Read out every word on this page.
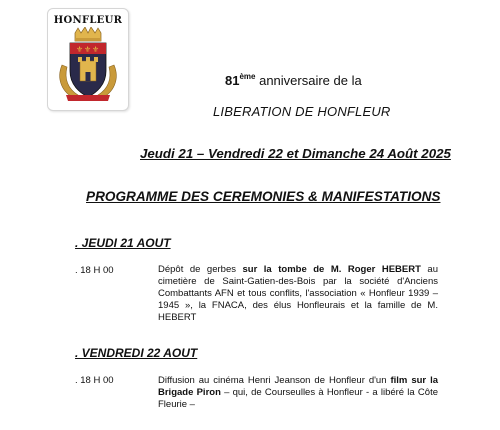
HONFLEUR
⚜ ⚜ ⚜
81ème anniversaire de la
LIBERATION DE HONFLEUR
Jeudi 21 – Vendredi 22 et Dimanche 24 Août 2025
PROGRAMME DES CEREMONIES & MANIFESTATIONS
. JEUDI 21 AOUT
. 18 H 00	Dépôt de gerbes sur la tombe de M. Roger HEBERT au cimetière de Saint-Gatien-des-Bois par la société d'Anciens Combattants AFN et tous conflits, l'association « Honfleur 1939 – 1945 », la FNACA, des élus Honfleurais et la famille de M. HEBERT
. VENDREDI 22 AOUT
. 18 H 00	Diffusion au cinéma Henri Jeanson de Honfleur d'un film sur la Brigade Piron – qui, de Courseulles à Honfleur - a libéré la Côte Fleurie –
